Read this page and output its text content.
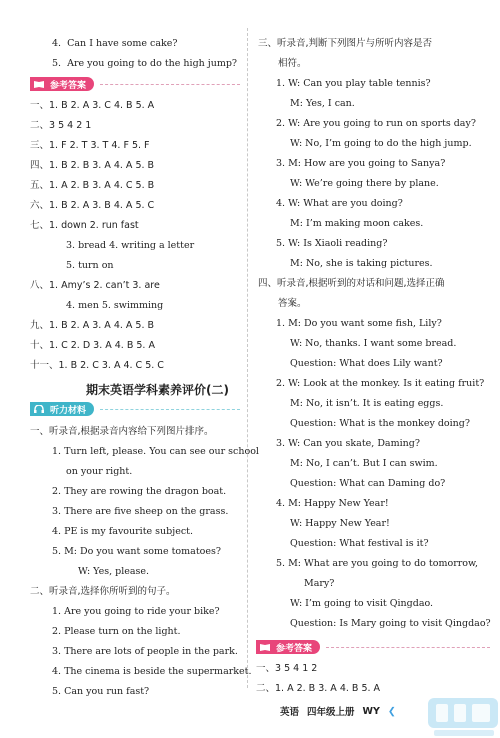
4. Can I have some cake?
5. Are you going to do the high jump?
参考答案
一、1. B 2. A 3. C 4. B 5. A
二、3 5 4 2 1
三、1. F 2. T 3. T 4. F 5. F
四、1. B 2. B 3. A 4. A 5. B
五、1. A 2. B 3. A 4. C 5. B
六、1. B 2. A 3. B 4. A 5. C
七、1. down 2. run fast
3. bread 4. writing a letter
5. turn on
八、1. Amy’s 2. can’t 3. are
4. men 5. swimming
九、1. B 2. A 3. A 4. A 5. B
十、1. C 2. D 3. A 4. B 5. A
十一、1. B 2. C 3. A 4. C 5. C
期末英语学科素养评价(二)
听力材料
一、听录音,根据录音内容给下列图片排序。
1. Turn left, please. You can see our school
on your right.
2. They are rowing the dragon boat.
3. There are five sheep on the grass.
4. PE is my favourite subject.
5. M: Do you want some tomatoes?
W: Yes, please.
二、听录音,选择你所听到的句子。
1. Are you going to ride your bike?
2. Please turn on the light.
3. There are lots of people in the park.
4. The cinema is beside the supermarket.
5. Can you run fast?
三、听录音,判断下列图片与所听内容是否
相符。
1. W: Can you play table tennis?
M: Yes, I can.
2. W: Are you going to run on sports day?
W: No, I’m going to do the high jump.
3. M: How are you going to Sanya?
W: We’re going there by plane.
4. W: What are you doing?
M: I’m making moon cakes.
5. W: Is Xiaoli reading?
M: No, she is taking pictures.
四、听录音,根据听到的对话和问题,选择正确
答案。
1. M: Do you want some fish, Lily?
W: No, thanks. I want some bread.
Question: What does Lily want?
2. W: Look at the monkey. Is it eating fruit?
M: No, it isn’t. It is eating eggs.
Question: What is the monkey doing?
3. W: Can you skate, Daming?
M: No, I can’t. But I can swim.
Question: What can Daming do?
4. M: Happy New Year!
W: Happy New Year!
Question: What festival is it?
5. M: What are you going to do tomorrow,
Mary?
W: I’m going to visit Qingdao.
Question: Is Mary going to visit Qingdao?
参考答案
一、3 5 4 1 2
二、1. A 2. B 3. A 4. B 5. A
英语 四年级上册 WY ❮
